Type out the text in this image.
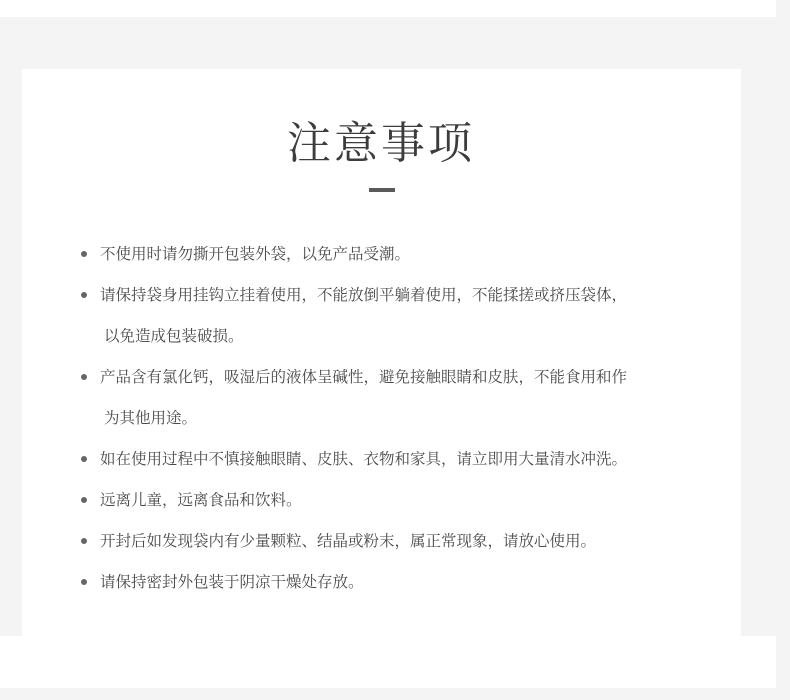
注意事项
不使用时请勿撕开包装外袋，以免产品受潮。
请保持袋身用挂钩立挂着使用，不能放倒平躺着使用，不能揉搓或挤压袋体，
以免造成包装破损。
产品含有氯化钙，吸湿后的液体呈碱性，避免接触眼睛和皮肤，不能食用和作
为其他用途。
如在使用过程中不慎接触眼睛、皮肤、衣物和家具，请立即用大量清水冲洗。
远离儿童，远离食品和饮料。
开封后如发现袋内有少量颗粒、结晶或粉末，属正常现象，请放心使用。
请保持密封外包装于阴凉干燥处存放。
